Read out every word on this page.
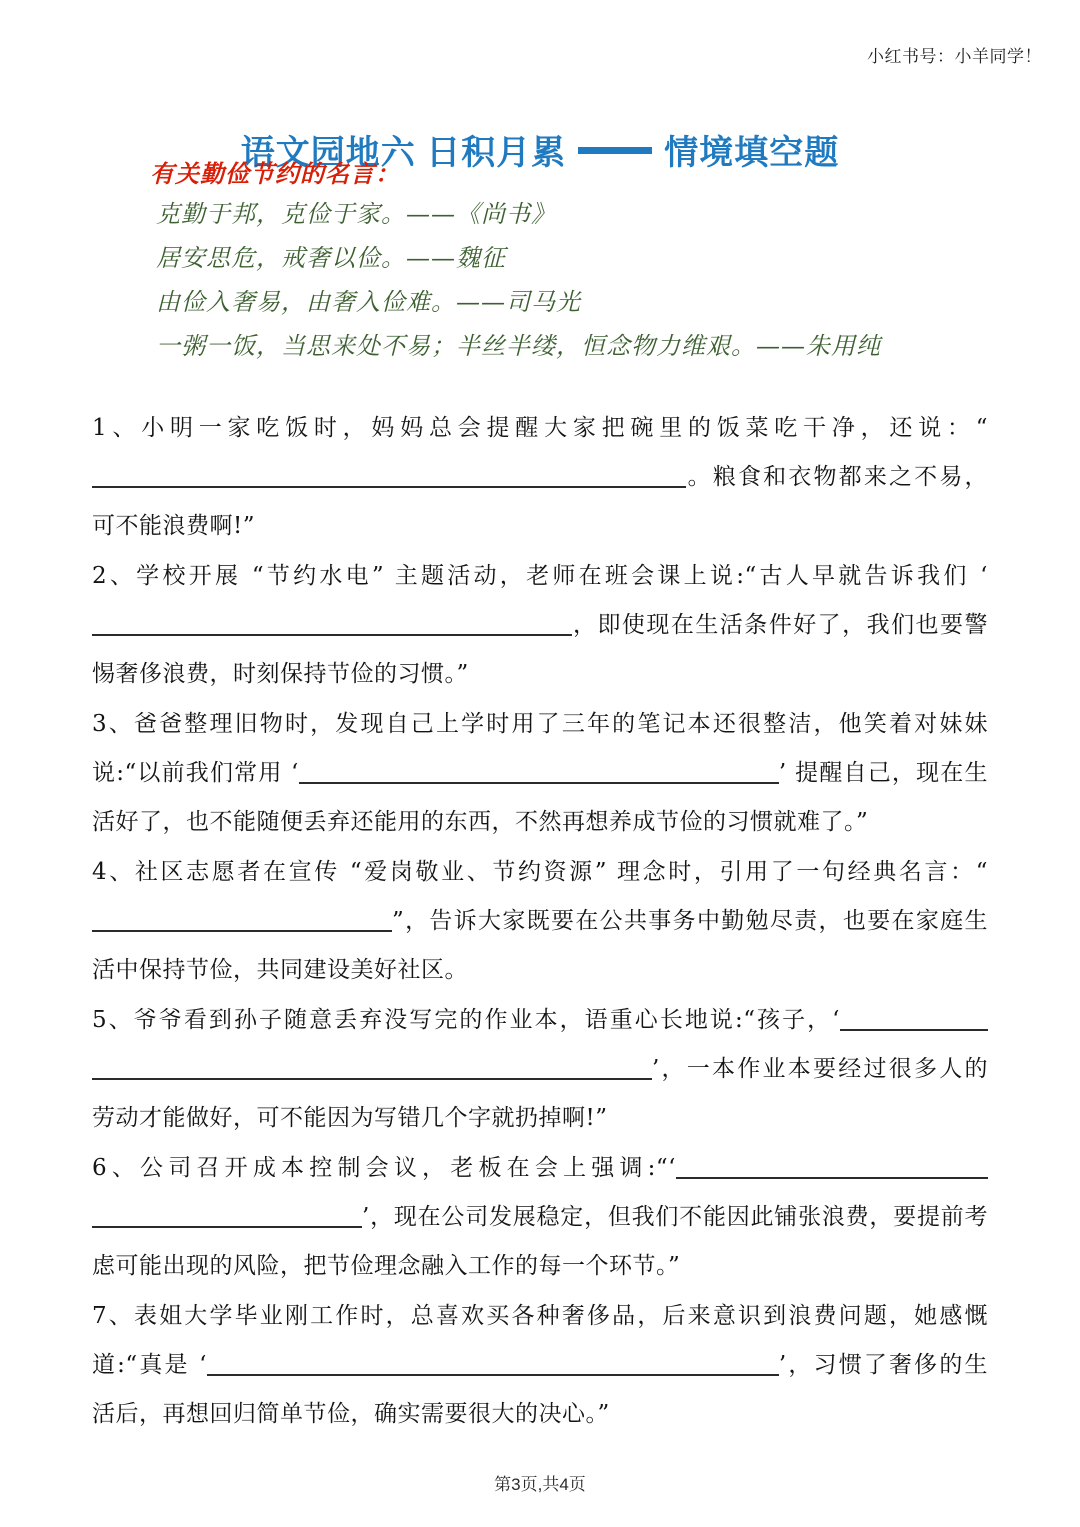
小红书号：小羊同学！
语文园地六 日积月累	情境填空题
有关勤俭节约的名言：
克勤于邦，克俭于家。——《尚书》
居安思危，戒奢以俭。——魏征
由俭入奢易，由奢入俭难。——司马光
一粥一饭，当思来处不易；半丝半缕，恒念物力维艰。——朱用纯

1、小明一家吃饭时，妈妈总会提醒大家把碗里的饭菜吃干净，还说：“。粮食和衣物都来之不易，可不能浪费啊!”

2、学校开展 “节约水电” 主题活动，老师在班会课上说:“古人早就告诉我们 ‘，即使现在生活条件好了，我们也要警惕奢侈浪费，时刻保持节俭的习惯。”

3、爸爸整理旧物时，发现自己上学时用了三年的笔记本还很整洁，他笑着对妹妹说:“以前我们常用 ‘	’ 提醒自己，现在生活好了，也不能随便丢弃还能用的东西，不然再想养成节俭的习惯就难了。”

4、社区志愿者在宣传 “爱岗敬业、节约资源” 理念时，引用了一句经典名言：“”，告诉大家既要在公共事务中勤勉尽责，也要在家庭生活中保持节俭，共同建设美好社区。

5、爷爷看到孙子随意丢弃没写完的作业本，语重心长地说:“孩子，‘’，一本作业本要经过很多人的劳动才能做好，可不能因为写错几个字就扔掉啊!”

6、公司召开成本控制会议，老板在会上强调:“‘’，现在公司发展稳定，但我们不能因此铺张浪费，要提前考虑可能出现的风险，把节俭理念融入工作的每一个环节。”

7、表姐大学毕业刚工作时，总喜欢买各种奢侈品，后来意识到浪费问题，她感慨道:“真是 ‘	’，习惯了奢侈的生活后，再想回归简单节俭，确实需要很大的决心。”

第3页,共4页
